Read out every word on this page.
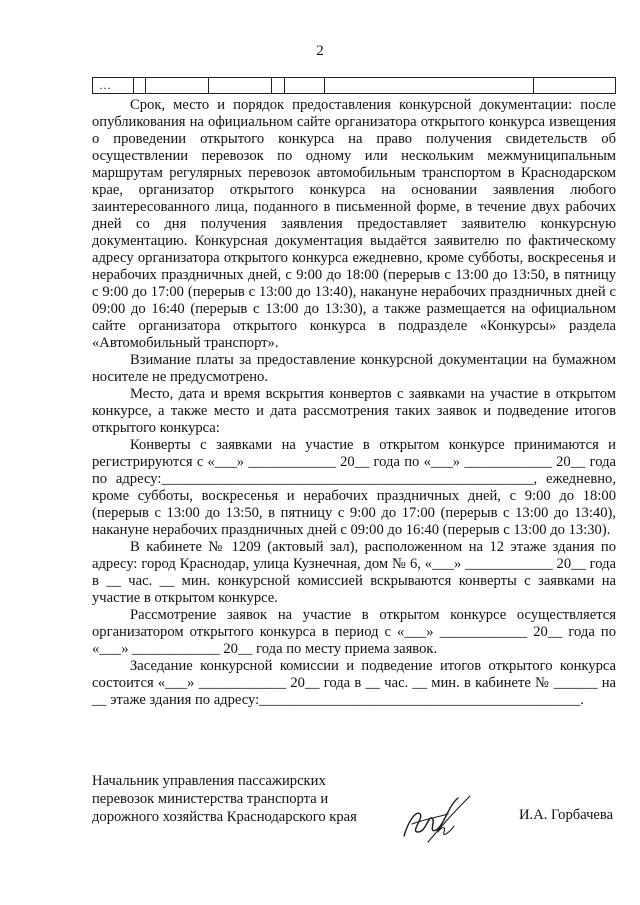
2
…							

Срок, место и порядок предоставления конкурсной документации: после опубликования на официальном сайте организатора открытого конкурса извещения о проведении открытого конкурса на право получения свидетельств об осуществлении перевозок по одному или нескольким межмуниципальным маршрутам регулярных перевозок автомобильным транспортом в Краснодарском крае, организатор открытого конкурса на основании заявления любого заинтересованного лица, поданного в письменной форме, в течение двух рабочих дней со дня получения заявления предоставляет заявителю конкурсную документацию. Конкурсная документация выдаётся заявителю по фактическому адресу организатора открытого конкурса ежедневно, кроме субботы, воскресенья и нерабочих праздничных дней, с 9:00 до 18:00 (перерыв с 13:00 до 13:50, в пятницу с 9:00 до 17:00 (перерыв с 13:00 до 13:40), накануне нерабочих праздничных дней с 09:00 до 16:40 (перерыв с 13:00 до 13:30), а также размещается на официальном сайте организатора открытого конкурса в подразделе «Конкурсы» раздела «Автомобильный транспорт».

Взимание платы за предоставление конкурсной документации на бумажном носителе не предусмотрено.

Место, дата и время вскрытия конвертов с заявками на участие в открытом конкурсе, а также место и дата рассмотрения таких заявок и подведение итогов открытого конкурса:

Конверты с заявками на участие в открытом конкурсе принимаются и регистрируются с «___» ____________ 20__ года по «___» ____________ 20__ года по адресу:___________________________________________________, ежедневно, кроме субботы, воскресенья и нерабочих праздничных дней, с 9:00 до 18:00 (перерыв с 13:00 до 13:50, в пятницу с 9:00 до 17:00 (перерыв с 13:00 до 13:40), накануне нерабочих праздничных дней с 09:00 до 16:40 (перерыв с 13:00 до 13:30).

В кабинете № 1209 (актовый зал), расположенном на 12 этаже здания по адресу: город Краснодар, улица Кузнечная, дом № 6, «___» ____________ 20__ года в __ час. __ мин. конкурсной комиссией вскрываются конверты с заявками на участие в открытом конкурсе.

Рассмотрение заявок на участие в открытом конкурсе осуществляется организатором открытого конкурса в период с «___» ____________ 20__ года по «___» ____________ 20__ года по месту приема заявок.

Заседание конкурсной комиссии и подведение итогов открытого конкурса состоится «___» ____________ 20__ года в __ час. __ мин. в кабинете № ______ на __ этаже здания по адресу:____________________________________________.

Начальник управления пассажирских
перевозок министерства транспорта и
дорожного хозяйства Краснодарского края	И.А. Горбачева
